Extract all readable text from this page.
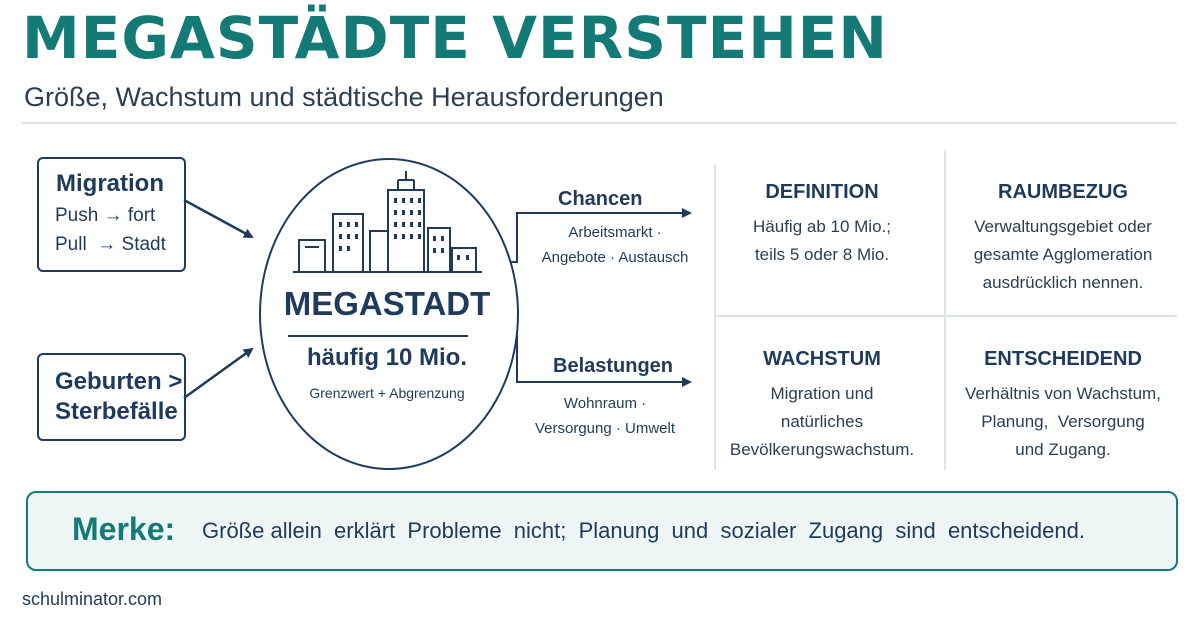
MEGASTÄDTE VERSTEHEN
Größe, Wachstum und städtische Herausforderungen
Migration
Push → fort
Pull  → Stadt
Geburten >
Sterbefälle
MEGASTADT
häufig 10 Mio.
Grenzwert + Abgrenzung
Chancen
Arbeitsmarkt ·
Angebote · Austausch
Belastungen
Wohnraum ·
Versorgung · Umwelt
DEFINITION
Häufig ab 10 Mio.;
teils 5 oder 8 Mio.
RAUMBEZUG
Verwaltungsgebiet oder
gesamte Agglomeration
ausdrücklich nennen.
WACHSTUM
Migration und
natürliches
Bevölkerungswachstum.
ENTSCHEIDEND
Verhältnis von Wachstum,
Planung,  Versorgung
und Zugang.
Merke: Größe allein  erklärt  Probleme  nicht;  Planung  und  sozialer  Zugang  sind  entscheidend.
schulminator.com
